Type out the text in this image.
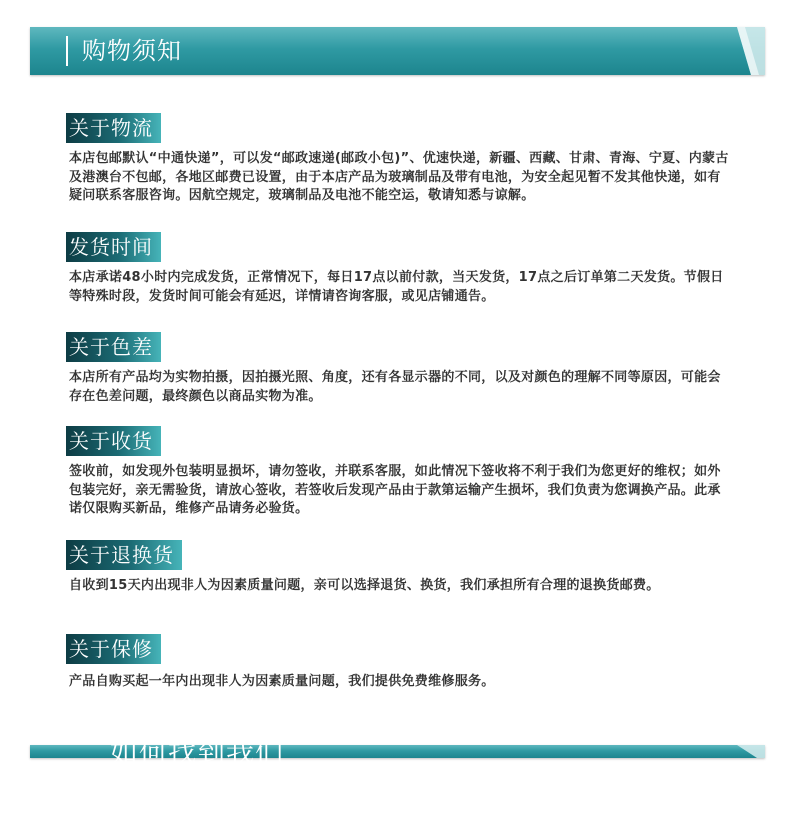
购物须知
关于物流
本店包邮默认“中通快递”，可以发“邮政速递(邮政小包)”、优速快递，新疆、西藏、甘肃、青海、宁夏、内蒙古及港澳台不包邮，各地区邮费已设置，由于本店产品为玻璃制品及带有电池，为安全起见暂不发其他快递，如有疑问联系客服咨询。因航空规定，玻璃制品及电池不能空运，敬请知悉与谅解。
发货时间
本店承诺48小时内完成发货，正常情况下，每日17点以前付款，当天发货，17点之后订单第二天发货。节假日等特殊时段，发货时间可能会有延迟，详情请咨询客服，或见店铺通告。
关于色差
本店所有产品均为实物拍摄，因拍摄光照、角度，还有各显示器的不同，以及对颜色的理解不同等原因，可能会存在色差问题，最终颜色以商品实物为准。
关于收货
签收前，如发现外包装明显损坏，请勿签收，并联系客服，如此情况下签收将不利于我们为您更好的维权；如外包装完好，亲无需验货，请放心签收，若签收后发现产品由于款第运输产生损坏，我们负责为您调换产品。此承诺仅限购买新品，维修产品请务必验货。
关于退换货
自收到15天内出现非人为因素质量问题，亲可以选择退货、换货，我们承担所有合理的退换货邮费。
关于保修
产品自购买起一年内出现非人为因素质量问题，我们提供免费维修服务。
如何找到我们
